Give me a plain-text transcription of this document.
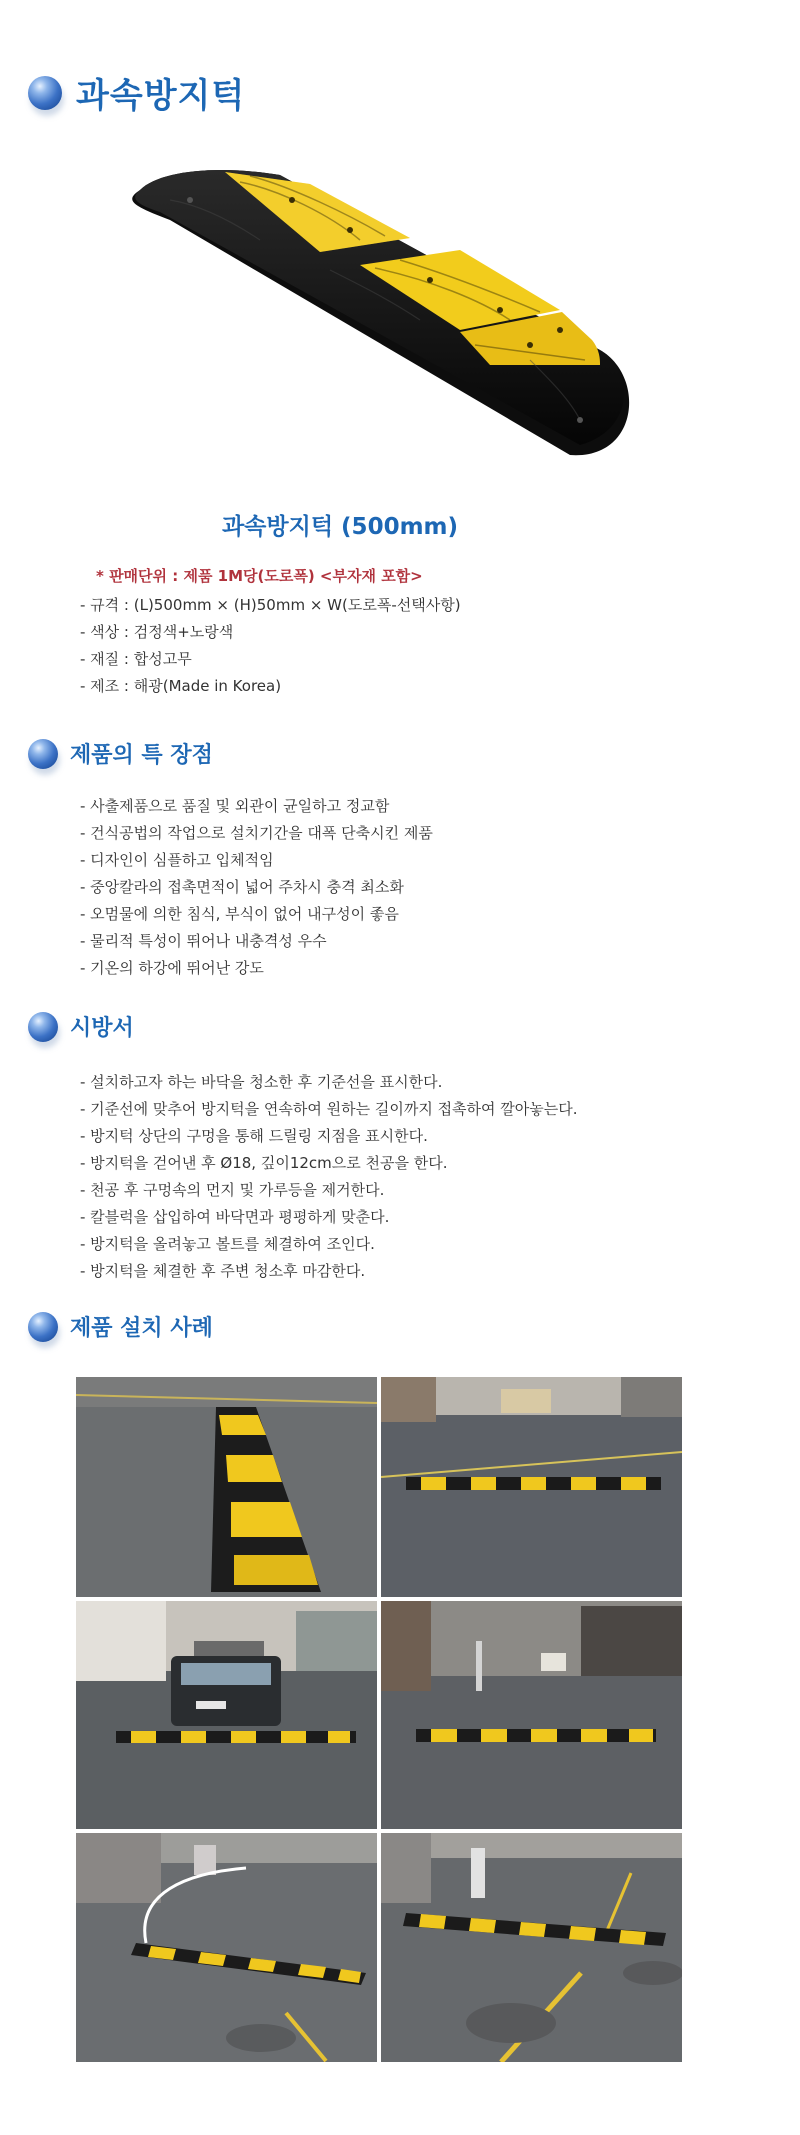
과속방지턱
과속방지턱 (500mm)
* 판매단위 : 제품 1M당(도로폭) <부자재 포함>
- 규격 : (L)500mm × (H)50mm × W(도로폭-선택사항)
- 색상 : 검정색+노랑색
- 재질 : 합성고무
- 제조 : 해광(Made in Korea)
제품의 특 장점
- 사출제품으로 품질 및 외관이 균일하고 정교함
- 건식공법의 작업으로 설치기간을 대폭 단축시킨 제품
- 디자인이 심플하고 입체적임
- 중앙칼라의 접촉면적이 넓어 주차시 충격 최소화
- 오멈물에 의한 침식, 부식이 없어 내구성이 좋음
- 물리적 특성이 뛰어나 내충격성 우수
- 기온의 하강에 뛰어난 강도
시방서
- 설치하고자 하는 바닥을 청소한 후 기준선을 표시한다.
- 기준선에 맞추어 방지턱을 연속하여 원하는 길이까지 접촉하여 깔아놓는다.
- 방지턱 상단의 구멍을 통해 드릴링 지점을 표시한다.
- 방지턱을 걷어낸 후 Ø18, 깊이12cm으로 천공을 한다.
- 천공 후 구멍속의 먼지 및 가루등을 제거한다.
- 칼블럭을 삽입하여 바닥면과 평평하게 맞춘다.
- 방지턱을 올려놓고 볼트를 체결하여 조인다.
- 방지턱을 체결한 후 주변 청소후 마감한다.
제품 설치 사례
